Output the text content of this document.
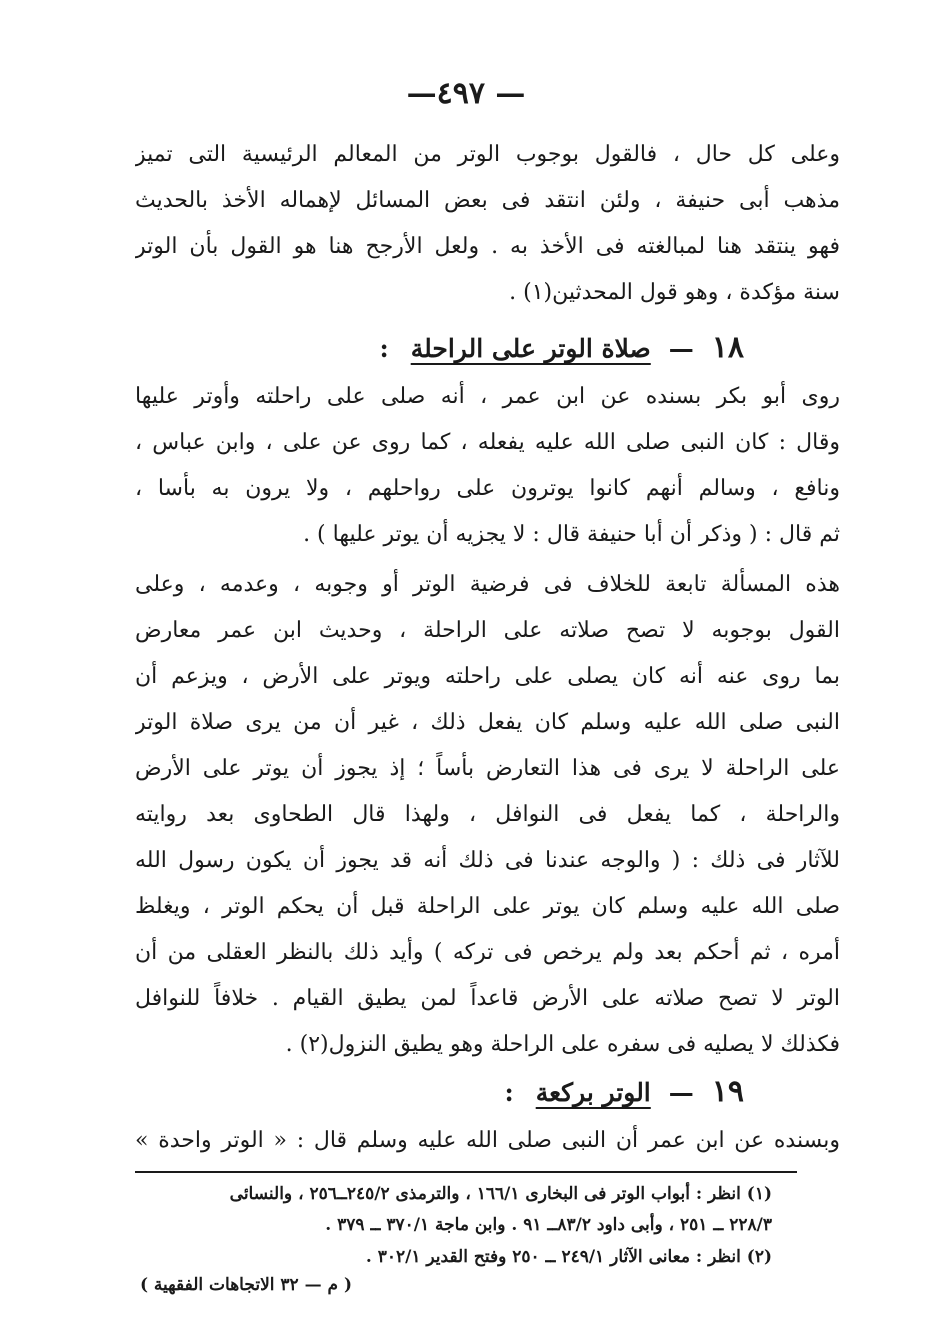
— ٤٩٧—
وعلى كل حال ، فالقول بوجوب الوتر من المعالم الرئيسية التى تميز
مذهب أبى حنيفة ، ولئن انتقد فى بعض المسائل لإهماله الأخذ بالحديث
فهو ينتقد هنا لمبالغته فى الأخذ به . ولعل الأرجح هنا هو القول بأن الوتر
سنة مؤكدة ، وهو قول المحدثين(١) .
١٨—صلاة الوتر على الراحلة:
روى أبو بكر بسنده عن ابن عمر ، أنه صلى على راحلته وأوتر عليها
وقال : كان النبى صلى الله عليه يفعله ، كما روى عن على ، وابن عباس ،
ونافع ، وسالم أنهم كانوا يوترون على رواحلهم ، ولا يرون به بأسا ،
ثم قال : ( وذكر أن أبا حنيفة قال : لا يجزيه أن يوتر عليها ) .
هذه المسألة تابعة للخلاف فى فرضية الوتر أو وجوبه ، وعدمه ، وعلى
القول بوجوبه لا تصح صلاته على الراحلة ، وحديث ابن عمر معارض
بما روى عنه أنه كان يصلى على راحلته ويوتر على الأرض ، ويزعم أن
النبى صلى الله عليه وسلم كان يفعل ذلك ، غير أن من يرى صلاة الوتر
على الراحلة لا يرى فى هذا التعارض بأساً ؛ إذ يجوز أن يوتر على الأرض
والراحلة ، كما يفعل فى النوافل ، ولهذا قال الطحاوى بعد روايته
للآثار فى ذلك : ( والوجه عندنا فى ذلك أنه قد يجوز أن يكون رسول الله
صلى الله عليه وسلم كان يوتر على الراحلة قبل أن يحكم الوتر ، ويغلظ
أمره ، ثم أحكم بعد ولم يرخص فى تركه ) وأيد ذلك بالنظر العقلى من أن
الوتر لا تصح صلاته على الأرض قاعداً لمن يطيق القيام . خلافاً للنوافل
فكذلك لا يصليه فى سفره على الراحلة وهو يطيق النزول(٢) .
١٩—الوتر بركعة:
وبسنده عن ابن عمر أن النبى صلى الله عليه وسلم قال : « الوتر واحدة »
(١) انظر : أبواب الوتر فى البخارى ١٦٦/١ ، والترمذى ٢٤٥/٢ــ٢٥٦ ، والنسائى
٢٢٨/٣ ــ ٢٥١ ، وأبى داود ٨٣/٢ــ ٩١ . وابن ماجة ٣٧٠/١ ــ ٣٧٩ .
(٢) انظر : معانى الآثار ٢٤٩/١ ــ ٢٥٠ وفتح القدير ٣٠٢/١ .
( م — ٣٢ الاتجاهات الفقهية )
